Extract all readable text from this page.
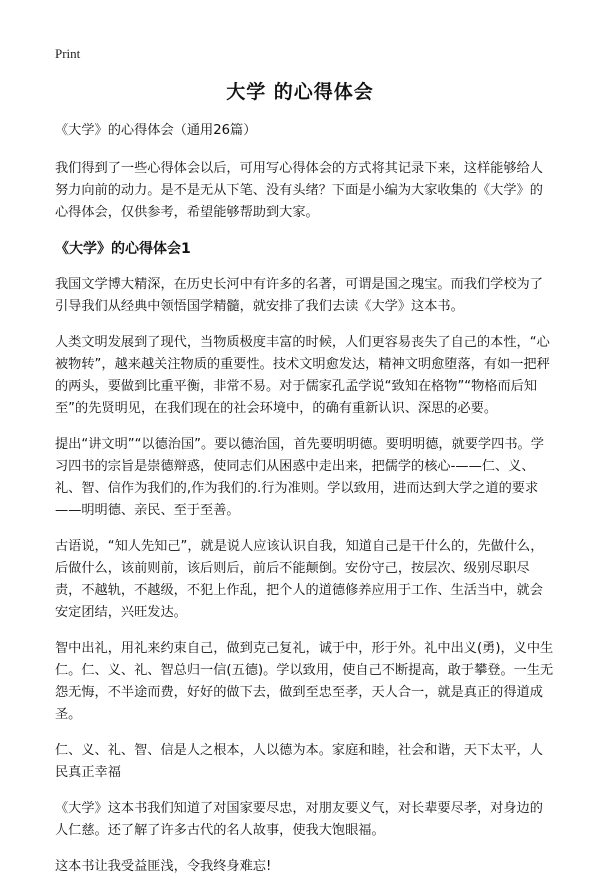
Print
大学 的心得体会

《大学》的心得体会（通用26篇）

我们得到了一些心得体会以后，可用写心得体会的方式将其记录下来，这样能够给人努力向前的动力。是不是无从下笔、没有头绪？下面是小编为大家收集的《大学》的心得体会，仅供参考，希望能够帮助到大家。

《大学》的心得体会1

我国文学博大精深，在历史长河中有许多的名著，可谓是国之瑰宝。而我们学校为了引导我们从经典中领悟国学精髓，就安排了我们去读《大学》这本书。

人类文明发展到了现代，当物质极度丰富的时候，人们更容易丧失了自己的本性，“心被物转”，越来越关注物质的重要性。技术文明愈发达，精神文明愈堕落，有如一把秤的两头，要做到比重平衡，非常不易。对于儒家孔孟学说“致知在格物”“物格而后知至”的先贤明见，在我们现在的社会环境中，的确有重新认识、深思的必要。

提出“讲文明”“以德治国”。要以德治国，首先要明明德。要明明德，就要学四书。学习四书的宗旨是崇德辩惑，使同志们从困惑中走出来，把儒学的核心-——仁、义、礼、智、信作为我们的,作为我们的.行为准则。学以致用，进而达到大学之道的要求——明明德、亲民、至于至善。

古语说，“知人先知己”，就是说人应该认识自我，知道自己是干什么的，先做什么，后做什么，该前则前，该后则后，前后不能颠倒。安份守己，按层次、级别尽职尽责，不越轨，不越级，不犯上作乱，把个人的道德修养应用于工作、生活当中，就会安定团结，兴旺发达。

智中出礼，用礼来约束自己，做到克己复礼，诚于中，形于外。礼中出义(勇)，义中生仁。仁、义、礼、智总归一信(五德)。学以致用，使自己不断提高，敢于攀登。一生无怨无悔，不半途而费，好好的做下去，做到至忠至孝，天人合一，就是真正的得道成圣。

仁、义、礼、智、信是人之根本，人以德为本。家庭和睦，社会和谐，天下太平，人民真正幸福

《大学》这本书我们知道了对国家要尽忠，对朋友要义气，对长辈要尽孝，对身边的人仁慈。还了解了许多古代的名人故事，使我大饱眼福。

这本书让我受益匪浅，令我终身难忘!
